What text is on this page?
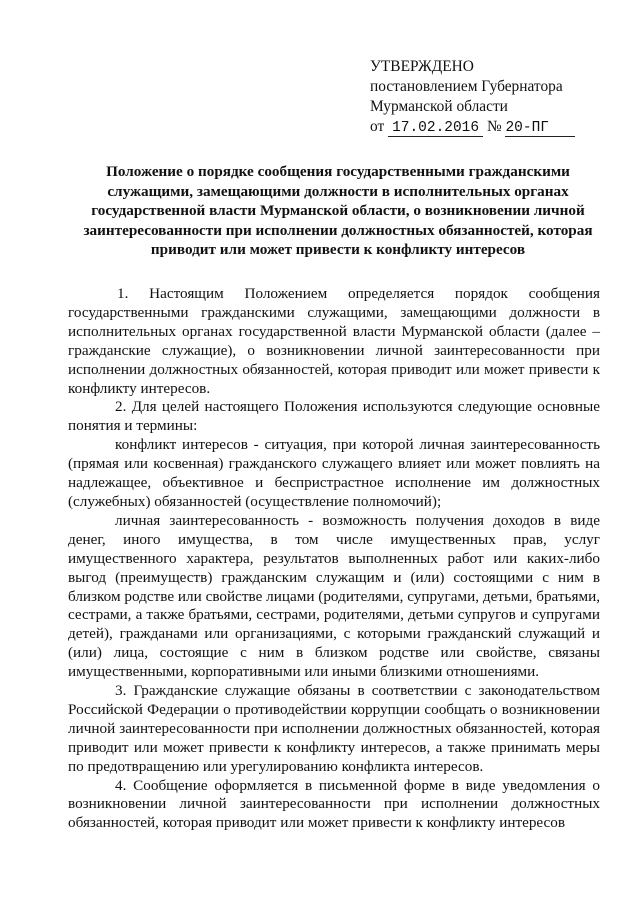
УТВЕРЖДЕНО
постановлением Губернатора
Мурманской области
от 17.02.2016 № 20-ПГ
Положение о порядке сообщения государственными гражданскими служащими, замещающими должности в исполнительных органах государственной власти Мурманской области, о возникновении личной заинтересованности при исполнении должностных обязанностей, которая приводит или может привести к конфликту интересов

1. Настоящим Положением определяется порядок сообщения государственными гражданскими служащими, замещающими должности в исполнительных органах государственной власти Мурманской области (далее – гражданские служащие), о возникновении личной заинтересованности при исполнении должностных обязанностей, которая приводит или может привести к конфликту интересов.

2. Для целей настоящего Положения используются следующие основные понятия и термины:

конфликт интересов - ситуация, при которой личная заинтересованность (прямая или косвенная) гражданского служащего влияет или может повлиять на надлежащее, объективное и беспристрастное исполнение им должностных (служебных) обязанностей (осуществление полномочий);

личная заинтересованность - возможность получения доходов в виде денег, иного имущества, в том числе имущественных прав, услуг имущественного характера, результатов выполненных работ или каких-либо выгод (преимуществ) гражданским служащим и (или) состоящими с ним в близком родстве или свойстве лицами (родителями, супругами, детьми, братьями, сестрами, а также братьями, сестрами, родителями, детьми супругов и супругами детей), гражданами или организациями, с которыми гражданский служащий и (или) лица, состоящие с ним в близком родстве или свойстве, связаны имущественными, корпоративными или иными близкими отношениями.

3. Гражданские служащие обязаны в соответствии с законодательством Российской Федерации о противодействии коррупции сообщать о возникновении личной заинтересованности при исполнении должностных обязанностей, которая приводит или может привести к конфликту интересов, а также принимать меры по предотвращению или урегулированию конфликта интересов.

4. Сообщение оформляется в письменной форме в виде уведомления о возникновении личной заинтересованности при исполнении должностных обязанностей, которая приводит или может привести к конфликту интересов
